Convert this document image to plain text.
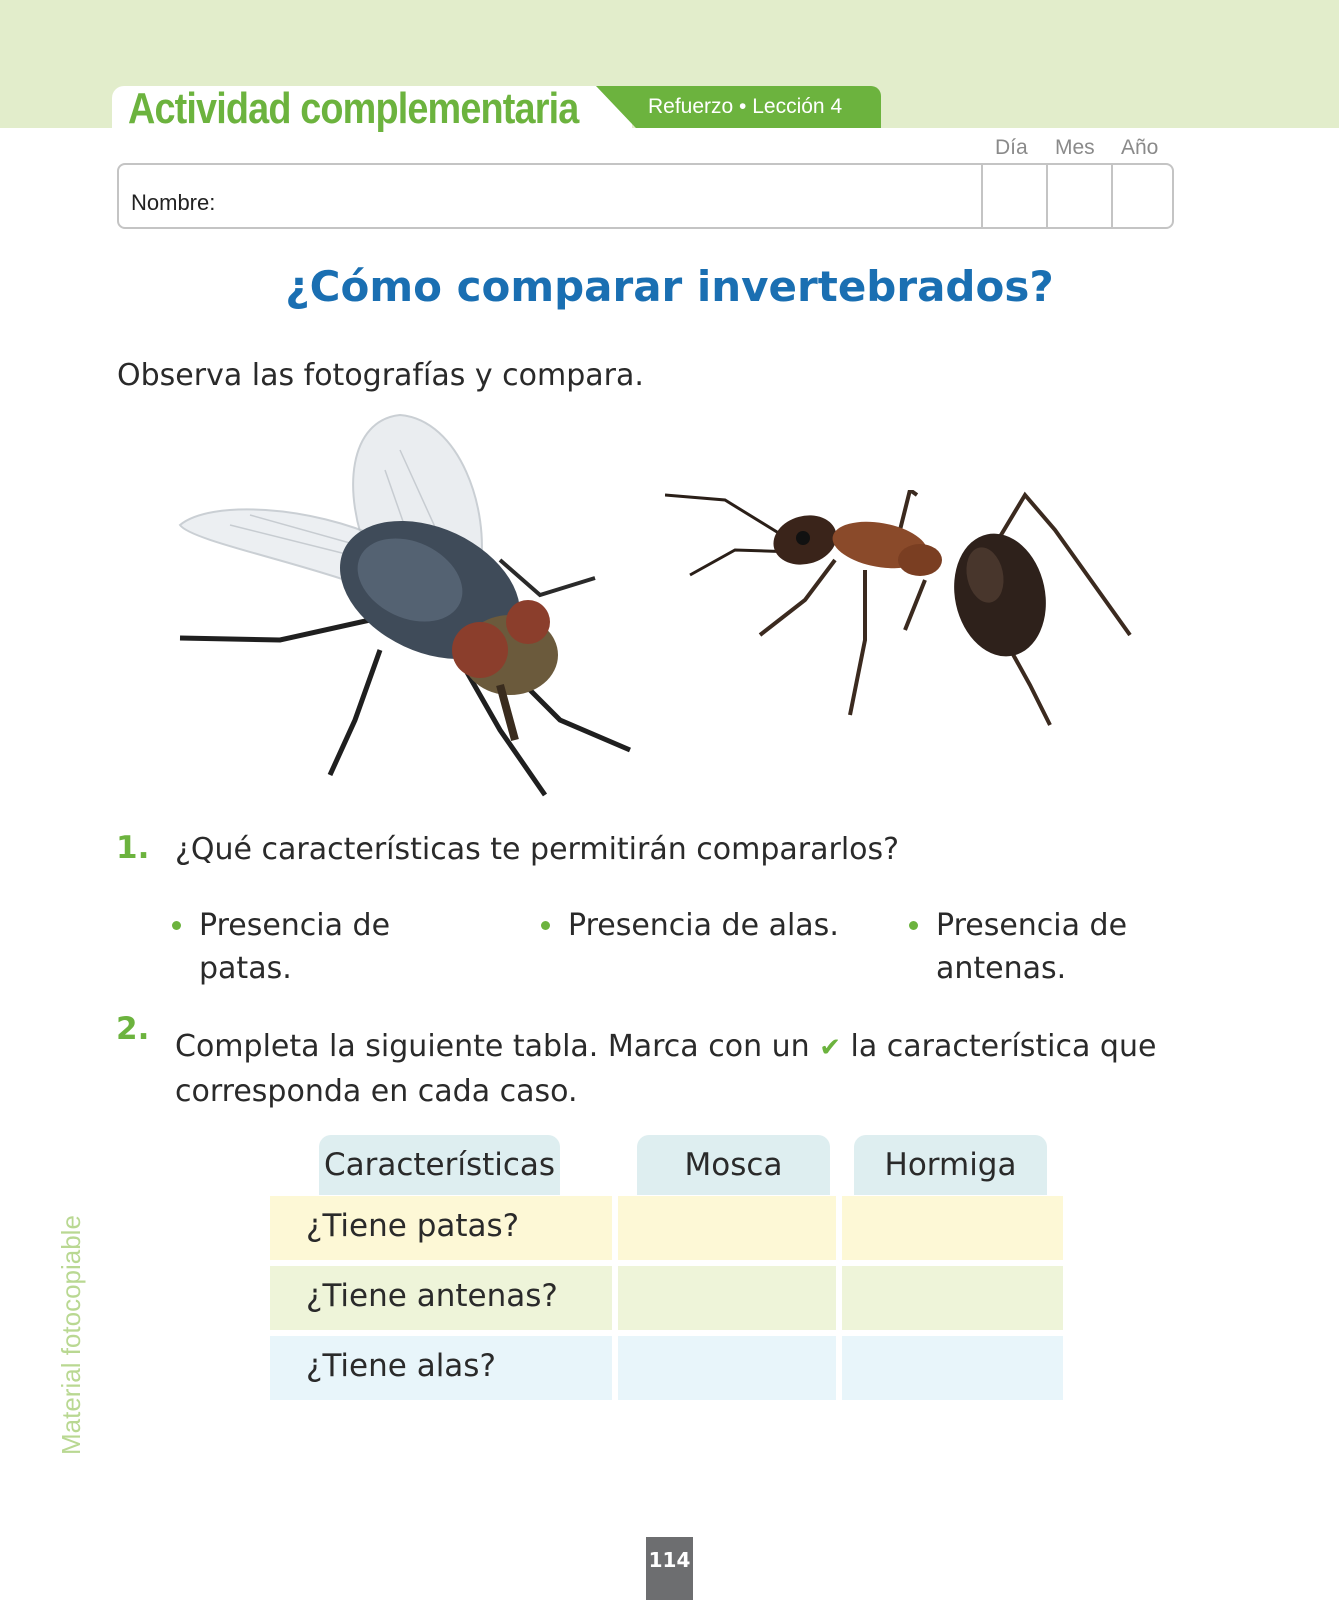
Actividad complementaria	Refuerzo • Lección 4
Día Mes Año
Nombre:
¿Cómo comparar invertebrados?
Observa las fotografías y compara.
1. ¿Qué características te permitirán compararlos?
Presencia de
patas.
Presencia de alas.	Presencia de
antenas.
2. Completa la siguiente tabla. Marca con un ✔ la característica que
corresponda en cada caso.
Características	Mosca	Hormiga
¿Tiene patas?
¿Tiene antenas?
¿Tiene alas?
Material fotocopiable
114
